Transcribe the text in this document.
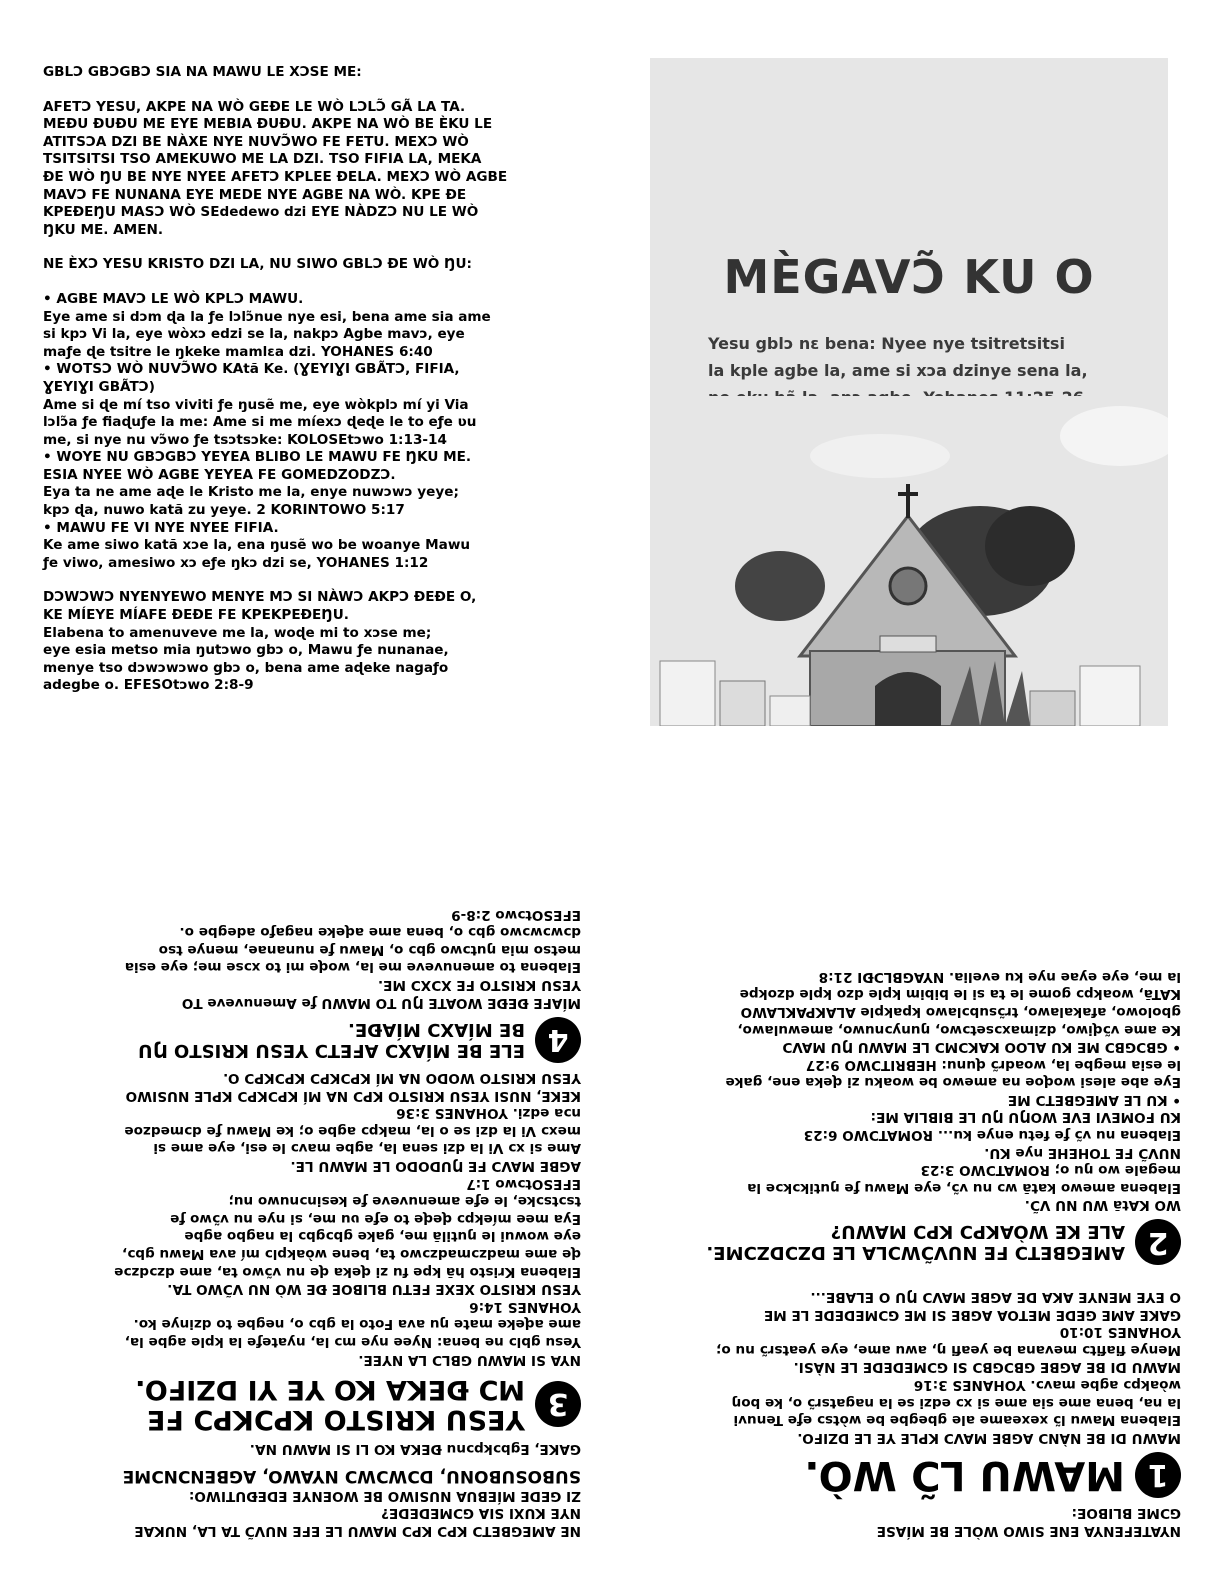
GBLƆ GBƆGBƆ SIA NA MAWU LE XƆSE ME:

AFETƆ YESU, AKPE NA WÒ GEÐE LE WÒ LƆLƆ̃ GÃ LA TA.
MEÐU ÐUÐU ME EYE MEBIA ÐUÐU. AKPE NA WÒ BE ÈKU LE
ATITSƆA DZI BE NÀXE NYE NUVƆ̃WO FE FETU. MEXƆ WÒ
TSITSITSI TSO AMEKUWO ME LA DZI. TSO FIFIA LA, MEKA
ÐE WÒ ŊU BE NYE NYEE AFETƆ KPLEE ÐELA. MEXƆ WÒ AGBE
MAVƆ FE NUNANA EYE MEDE NYE AGBE NA WÒ. KPE ÐE
KPEÐEŊU MASƆ WÒ SEdedewo dzi EYE NÀDZƆ NU LE WÒ
ŊKU ME. AMEN.

NE ÈXƆ YESU KRISTO DZI LA, NU SIWO GBLƆ ÐE WÒ ŊU:

• AGBE MAVƆ LE WÒ KPLƆ MAWU.
Eye ame si dɔm ɖa la ƒe lɔlɔ̃nue nye esi, bena ame sia ame
si kpɔ Vi la, eye wòxɔ edzi se la, nakpɔ Agbe mavɔ, eye
maƒe ɖe tsitre le ŋkeke mamlɛa dzi. YOHANES 6:40
• WOTSƆ WÒ NUVƆ̃WO KAtã Ke. (ƔEYIƔI GBÃTƆ, FIFIA,
ƔEYIƔI GBÃTƆ)
Ame si ɖe mí tso viviti ƒe ŋusẽ me, eye wòkplɔ mí yi Via
lɔlɔ̃a ƒe fiaɖuƒe la me: Ame si me míexɔ ɖeɖe le to eƒe ʋu
me, si nye nu vɔ̃wo ƒe tsɔtsɔke: KOLOSEtɔwo 1:13-14
• WOYE NU GBƆGBƆ YEYEA BLIBO LE MAWU FE ŊKU ME.
ESIA NYEE WÒ AGBE YEYEA FE GOMEDZODZƆ.
Eya ta ne ame aɖe le Kristo me la, enye nuwɔwɔ yeye;
kpɔ ɖa, nuwo katã zu yeye. 2 KORINTOWO 5:17
• MAWU FE VI NYE NYEE FIFIA.
Ke ame siwo katã xɔe la, ena ŋusẽ wo be woanye Mawu
ƒe viwo, amesiwo xɔ eƒe ŋkɔ dzi se, YOHANES 1:12

DƆWƆWƆ NYENYEWO MENYE MƆ SI NÀWƆ AKPƆ ÐEÐE O,
KE MÍEYE MÍAFE ÐEÐE FE KPEKPEÐEŊU.

Elabena to amenuveve me la, woɖe mi to xɔse me;
eye esia metso mia ŋutɔwo gbɔ o, Mawu ƒe nunanae,
menye tso dɔwɔwɔwo gbɔ o, bena ame aɖeke nagaƒo
adegbe o. EFESOtɔwo 2:8-9

MÈGAVƆ̃ KU O
Yesu gblɔ nɛ bena: Nyee nye tsitretsitsi
la kple agbe la, ame si xɔa dzinye sena la,

NYATEFENYA ENE SIWO WÒLE BE MÍASE
GƆME BLIBOE:

1
MAWU LƆ̃ WÒ.

MAWU DI BE NÀNƆ AGBE MAVƆ KPLE YE LE DZIFO.
Elabena Mawu lɔ̃ xexeame ale gbegbe be wòtsɔ eƒe Tenuvi
la na, bena ame sia ame si xɔ edzi se la nagatsrɔ̃ o, ke boŋ
wòakpɔ agbe mavɔ. YOHANES 3:16
MAWU DI BE AGBE GBƆGBƆ SI GƆMEDEDE LE NÀSI.
Menye fiafitɔ mevana be yeafi ŋ, awu ame, eye yeatsrɔ̃ nu o;
YOHANES 10:10
GAKE AME GEDE METOA AGBE SI ME GƆMEDEDE LE ME
O EYE MENYE AKA DE AGBE MAVƆ ŊU O ELABE...

2
AMEGBETƆ FE NUVƆ̃WƆLA LE DZƆDZƆME.
ALE KE WÒAKPƆ KPƆ MAWU?

WO KAtã WU NU VƆ̃.
Elabena amewo katã wɔ nu vɔ̃, eye Mawu ƒe ŋutikɔkɔe la
megale wo ŋu o; ROMATƆWO 3:23
NUVƆ̃ FE TOHEHE nye KU.
Elabena nu vɔ̃ ƒe fetu enye ku... ROMATƆWO 6:23
KU FOMEVI EVE WOŊU ŊU LE BIBLIA ME:
• KU LE AMEGBETƆ ME
Eye abe alesi woɖoe na amewo be woaku zi ɖeka ene, gake
le esia megbe la, woadrɔ̃ ɖunu: HEBRITƆWO 9:27
• GBƆGBƆ ME KU ALOO KAKƆMƆ LE MAWU ŊU MAVƆ
Ke ame vɔ̃ɖiwo, dzimaxɔsetɔwo, ŋunyɔnuwo, amewulawo,
gbolowo, afakalawo, trɔ̃subɔlawo kpakple ALAKPAKLAWO
KATã, woakpɔ gome le ta si le bibim kple dzo kple dzokpe
la me, eye eyae nye ku evelia. NYAGBLƆÐI 21:8

NE AMEGBETƆ KPƆ KPƆ MAWU LE EFE NUVƆ̃ TA LA, NUKAE
NYE KUXI SIA GƆMEDEDE?
ZI GEDE MÍEBUA NUSIWO BE WOENYE EDEÐUTIWO:

SUBOSUBONU, DƆWƆWƆ NYAWO, AGBENƆNƆME

GAKE, Egbɔkpɔnu ÐEKA KO LI SI MAWU NA.

3
YESU KRISTO KPƆKPƆ FE
MƆ ÐEKA KO YE YI DZIFO.

NYA SI MAWU GBLƆ LA NYEE.
Yesu gblɔ ne bena: Nyee nye mɔ la, nyateƒe la kple agbe la,
ame aɖeke mate ŋu ava Foto la gbɔ o, negbe to dzinye ko.
YOHANES 14:6
YESU KRISTO XEXE FETU BLIBOE ÐE WÒ NU VƆ̃WO TA.
Elabena Kristo hã kpe fu zi ɖeka ɖe nu vɔ̃wo ta, ame dzɔdzɔe
ɖe ame madzɔmadzɔwo ta, bene wòakplɔ mí ava Mawu gbɔ,
eye wowui le ŋutilã me, gake gbɔgbɔ la nagbo agbe
Eya mee míekpɔ ɖeɖe to eƒe ʋu me, si nye nu vɔ̃wo ƒe
tsɔtsɔke, le eƒe amenuveve ƒe kesinɔnuwo nu;
EFESOtɔwo 1:7
AGBE MAVƆ FE ŊUDODO LE MAWU LE.
Ame si xɔ Vi la dzi sena la, agbe mavɔ le esi, eye ame si
mexɔ Vi la dzi se o la, makpɔ agbe o; ke Mawu ƒe dɔmedzoe
nɔa edzi. YOHANES 3:36
KEKE, NUSI YESU KRISTO KPƆ NA MÍ KPƆKPƆ KPLE NUSIWO
YESU KRISTO WODO NA MÍ KPƆKPƆ KPƆKPƆ O.

4
ELE BE MÍAXƆ AFETƆ YESU KRISTO ŊU
BE MÍAXƆ MÍAÐE.

MÍAFE ÐEÐE WOATE ŊU TO MAWU ƒe Amenuveve TO
YESU KRISTO FE XƆXƆ ME.
Elabena to amenuveve me la, woɖe mi to xɔse me; eye esia
metso mia ŋutɔwo gbɔ o, Mawu ƒe nunanae, menye tso
dɔwɔwɔwo gbɔ o, bena ame aɖeke nagaƒo adegbe o.
EFESOtɔwo 2:8-9
